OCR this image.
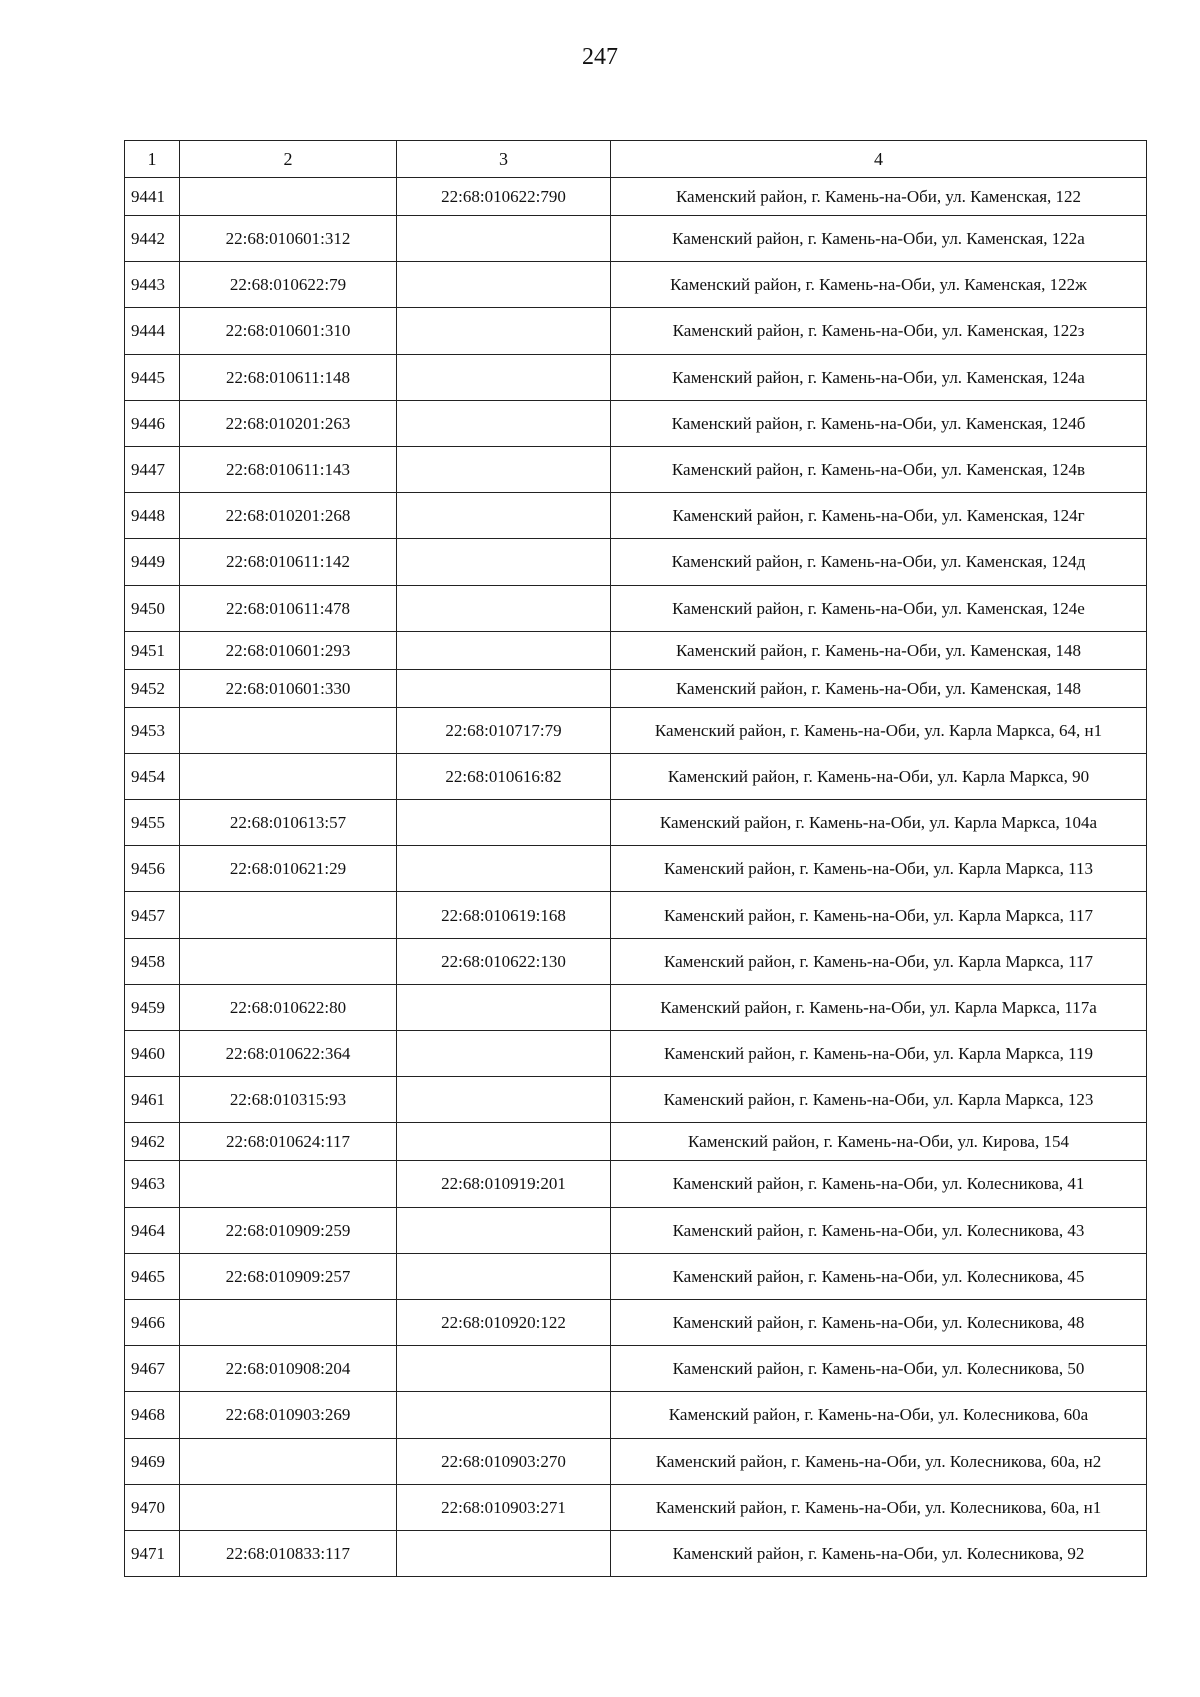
247
1	2	3	4
9441		22:68:010622:790	Каменский район, г. Камень-на-Оби, ул. Каменская, 122
9442	22:68:010601:312		Каменский район, г. Камень-на-Оби, ул. Каменская, 122а
9443	22:68:010622:79		Каменский район, г. Камень-на-Оби, ул. Каменская, 122ж
9444	22:68:010601:310		Каменский район, г. Камень-на-Оби, ул. Каменская, 122з
9445	22:68:010611:148		Каменский район, г. Камень-на-Оби, ул. Каменская, 124а
9446	22:68:010201:263		Каменский район, г. Камень-на-Оби, ул. Каменская, 124б
9447	22:68:010611:143		Каменский район, г. Камень-на-Оби, ул. Каменская, 124в
9448	22:68:010201:268		Каменский район, г. Камень-на-Оби, ул. Каменская, 124г
9449	22:68:010611:142		Каменский район, г. Камень-на-Оби, ул. Каменская, 124д
9450	22:68:010611:478		Каменский район, г. Камень-на-Оби, ул. Каменская, 124е
9451	22:68:010601:293		Каменский район, г. Камень-на-Оби, ул. Каменская, 148
9452	22:68:010601:330		Каменский район, г. Камень-на-Оби, ул. Каменская, 148
9453		22:68:010717:79	Каменский район, г. Камень-на-Оби, ул. Карла Маркса, 64, н1
9454		22:68:010616:82	Каменский район, г. Камень-на-Оби, ул. Карла Маркса, 90
9455	22:68:010613:57		Каменский район, г. Камень-на-Оби, ул. Карла Маркса, 104а
9456	22:68:010621:29		Каменский район, г. Камень-на-Оби, ул. Карла Маркса, 113
9457		22:68:010619:168	Каменский район, г. Камень-на-Оби, ул. Карла Маркса, 117
9458		22:68:010622:130	Каменский район, г. Камень-на-Оби, ул. Карла Маркса, 117
9459	22:68:010622:80		Каменский район, г. Камень-на-Оби, ул. Карла Маркса, 117а
9460	22:68:010622:364		Каменский район, г. Камень-на-Оби, ул. Карла Маркса, 119
9461	22:68:010315:93		Каменский район, г. Камень-на-Оби, ул. Карла Маркса, 123
9462	22:68:010624:117		Каменский район, г. Камень-на-Оби, ул. Кирова, 154
9463		22:68:010919:201	Каменский район, г. Камень-на-Оби, ул. Колесникова, 41
9464	22:68:010909:259		Каменский район, г. Камень-на-Оби, ул. Колесникова, 43
9465	22:68:010909:257		Каменский район, г. Камень-на-Оби, ул. Колесникова, 45
9466		22:68:010920:122	Каменский район, г. Камень-на-Оби, ул. Колесникова, 48
9467	22:68:010908:204		Каменский район, г. Камень-на-Оби, ул. Колесникова, 50
9468	22:68:010903:269		Каменский район, г. Камень-на-Оби, ул. Колесникова, 60а
9469		22:68:010903:270	Каменский район, г. Камень-на-Оби, ул. Колесникова, 60а, н2
9470		22:68:010903:271	Каменский район, г. Камень-на-Оби, ул. Колесникова, 60а, н1
9471	22:68:010833:117		Каменский район, г. Камень-на-Оби, ул. Колесникова, 92
